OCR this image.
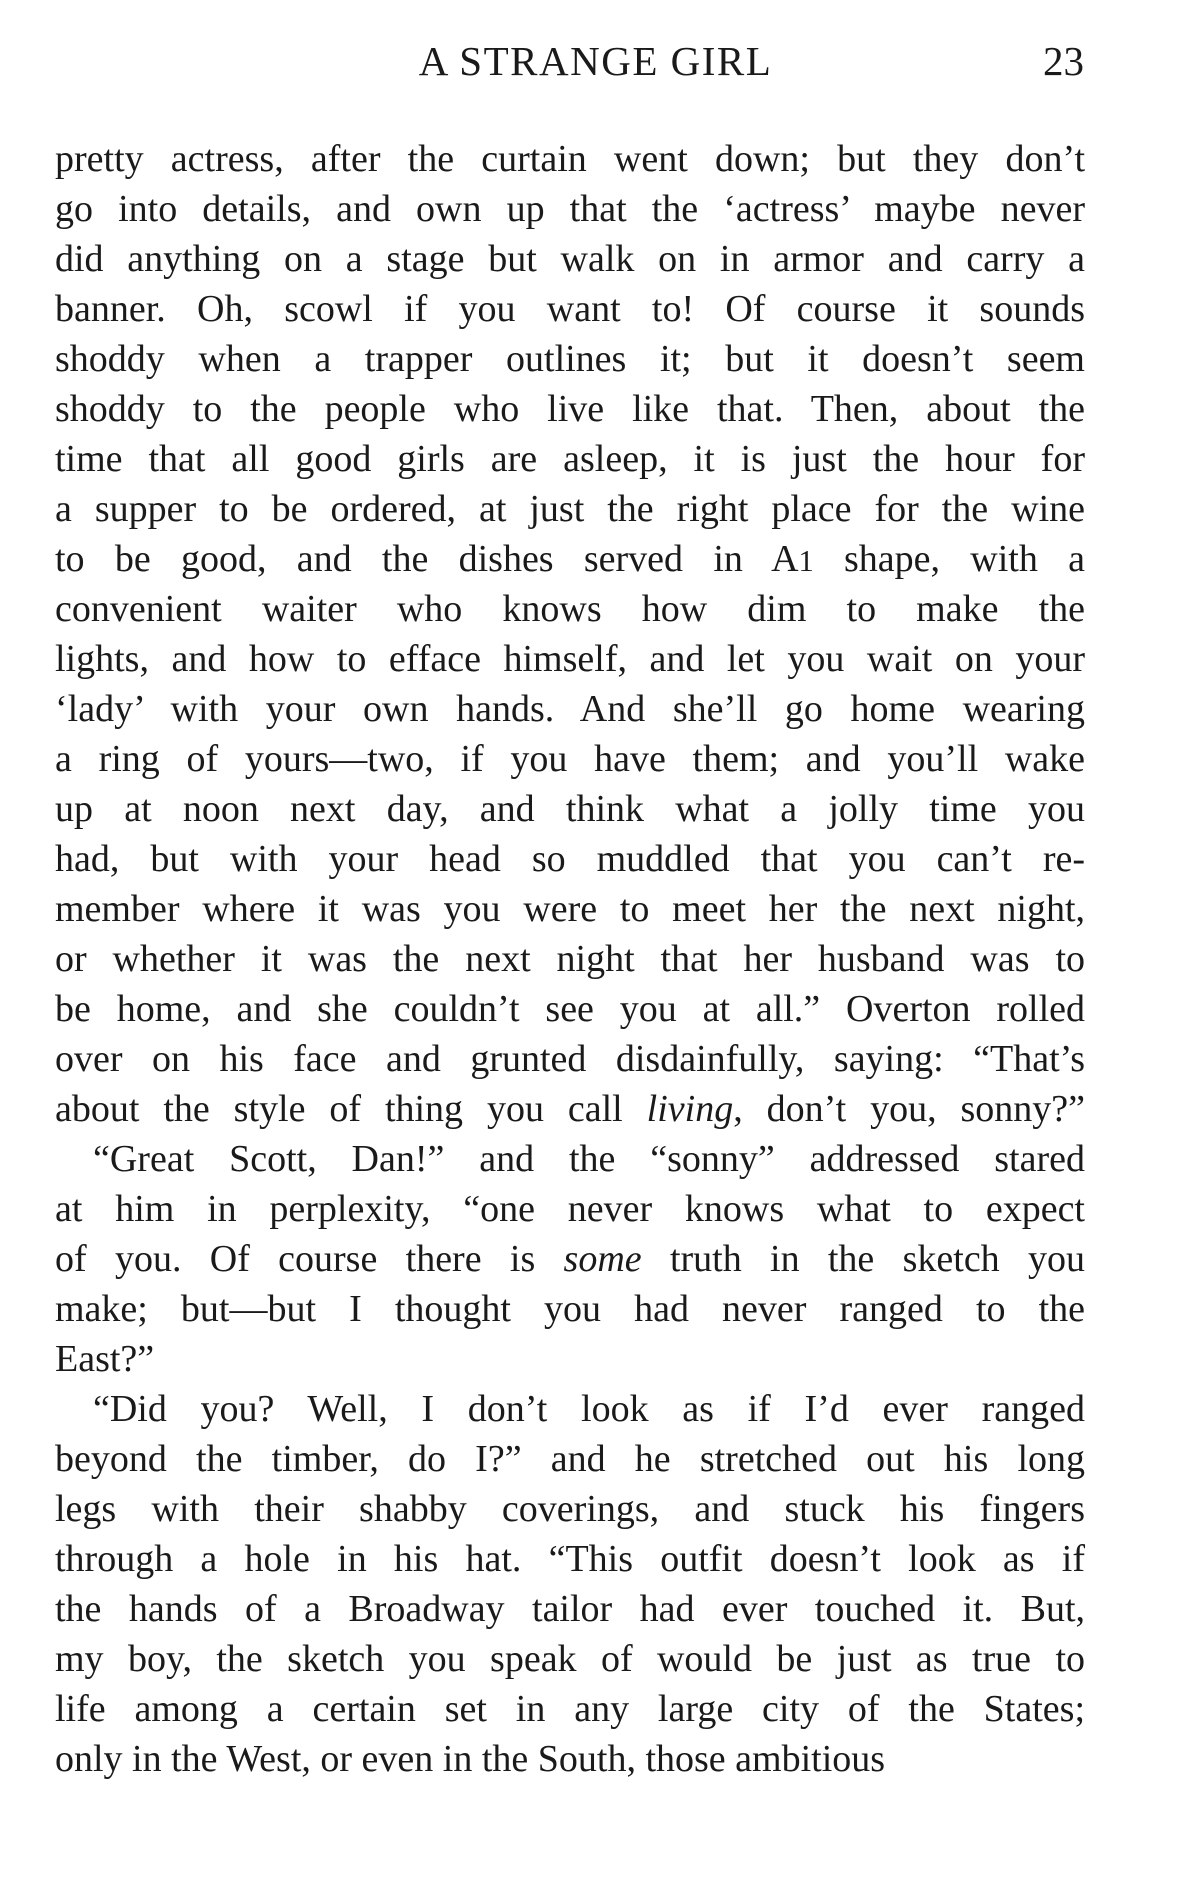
A STRANGE GIRL	23
pretty actress, after the curtain went down; but they don’t
go into details, and own up that the ‘actress’ maybe never
did anything on a stage but walk on in armor and carry a
banner. Oh, scowl if you want to! Of course it sounds
shoddy when a trapper outlines it; but it doesn’t seem
shoddy to the people who live like that. Then, about the
time that all good girls are asleep, it is just the hour for
a supper to be ordered, at just the right place for the wine
to be good, and the dishes served in A1 shape, with a
convenient waiter who knows how dim to make the
lights, and how to efface himself, and let you wait on your
‘lady’ with your own hands. And she’ll go home wearing
a ring of yours—two, if you have them; and you’ll wake
up at noon next day, and think what a jolly time you
had, but with your head so muddled that you can’t re-
member where it was you were to meet her the next night,
or whether it was the next night that her husband was to
be home, and she couldn’t see you at all.” Overton rolled
over on his face and grunted disdainfully, saying: “That’s
about the style of thing you call living, don’t you, sonny?”
“Great Scott, Dan!” and the “sonny” addressed stared
at him in perplexity, “one never knows what to expect
of you. Of course there is some truth in the sketch you
make; but—but I thought you had never ranged to the
East?”
“Did you? Well, I don’t look as if I’d ever ranged
beyond the timber, do I?” and he stretched out his long
legs with their shabby coverings, and stuck his fingers
through a hole in his hat. “This outfit doesn’t look as if
the hands of a Broadway tailor had ever touched it. But,
my boy, the sketch you speak of would be just as true to
life among a certain set in any large city of the States;
only in the West, or even in the South, those ambitious
